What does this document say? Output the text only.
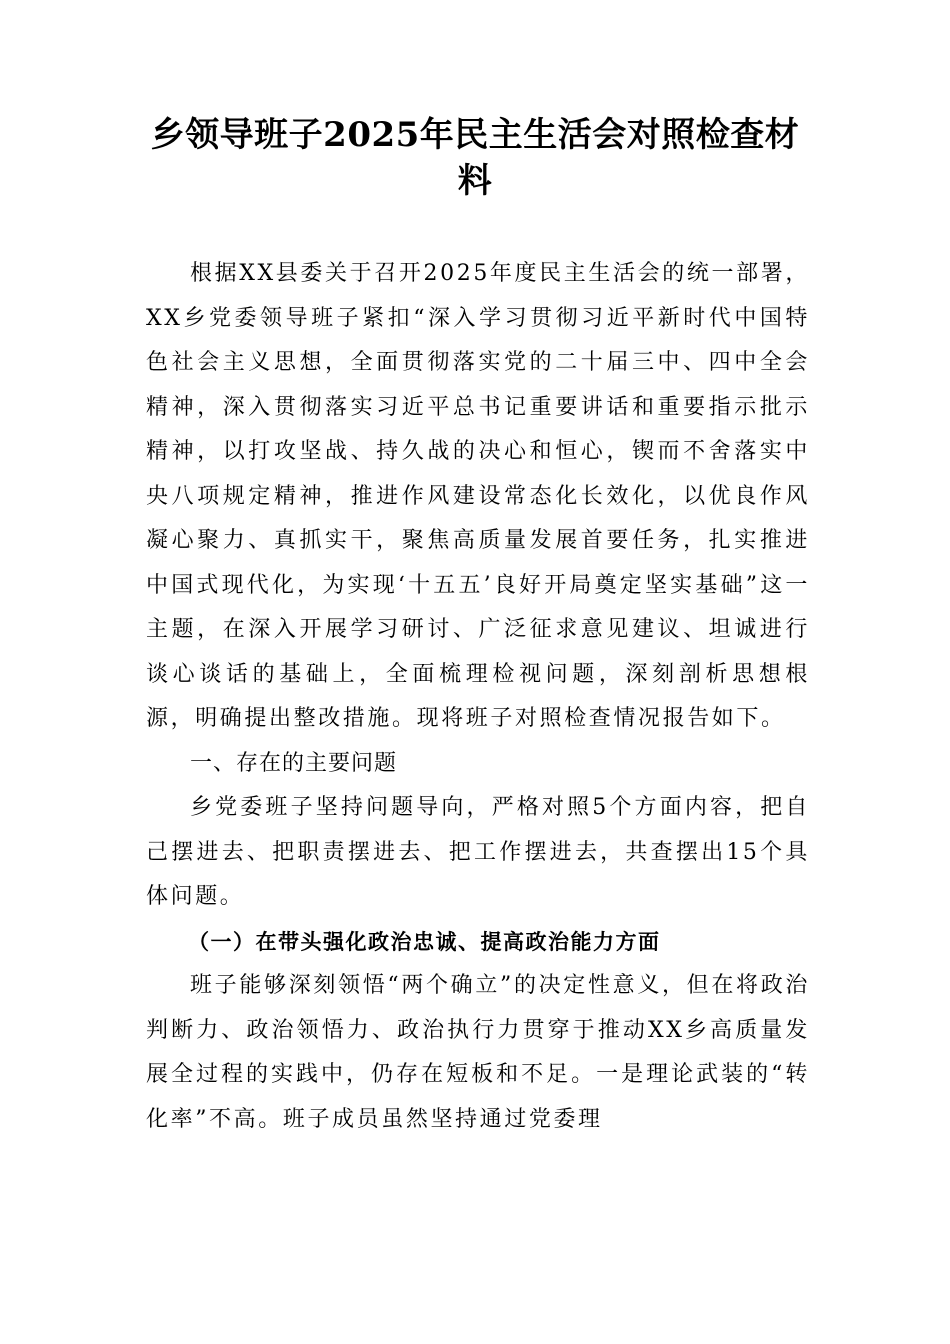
乡领导班子2025年民主生活会对照检查材料

根据XX县委关于召开2025年度民主生活会的统一部署，XX乡党委领导班子紧扣“深入学习贯彻习近平新时代中国特色社会主义思想，全面贯彻落实党的二十届三中、四中全会精神，深入贯彻落实习近平总书记重要讲话和重要指示批示精神，以打攻坚战、持久战的决心和恒心，锲而不舍落实中央八项规定精神，推进作风建设常态化长效化，以优良作风凝心聚力、真抓实干，聚焦高质量发展首要任务，扎实推进中国式现代化，为实现‘十五五’良好开局奠定坚实基础”这一主题，在深入开展学习研讨、广泛征求意见建议、坦诚进行谈心谈话的基础上，全面梳理检视问题，深刻剖析思想根源，明确提出整改措施。现将班子对照检查情况报告如下。

一、存在的主要问题

乡党委班子坚持问题导向，严格对照5个方面内容，把自己摆进去、把职责摆进去、把工作摆进去，共查摆出15个具体问题。

（一）在带头强化政治忠诚、提高政治能力方面

班子能够深刻领悟“两个确立”的决定性意义，但在将政治判断力、政治领悟力、政治执行力贯穿于推动XX乡高质量发展全过程的实践中，仍存在短板和不足。一是理论武装的“转化率”不高。班子成员虽然坚持通过党委理
